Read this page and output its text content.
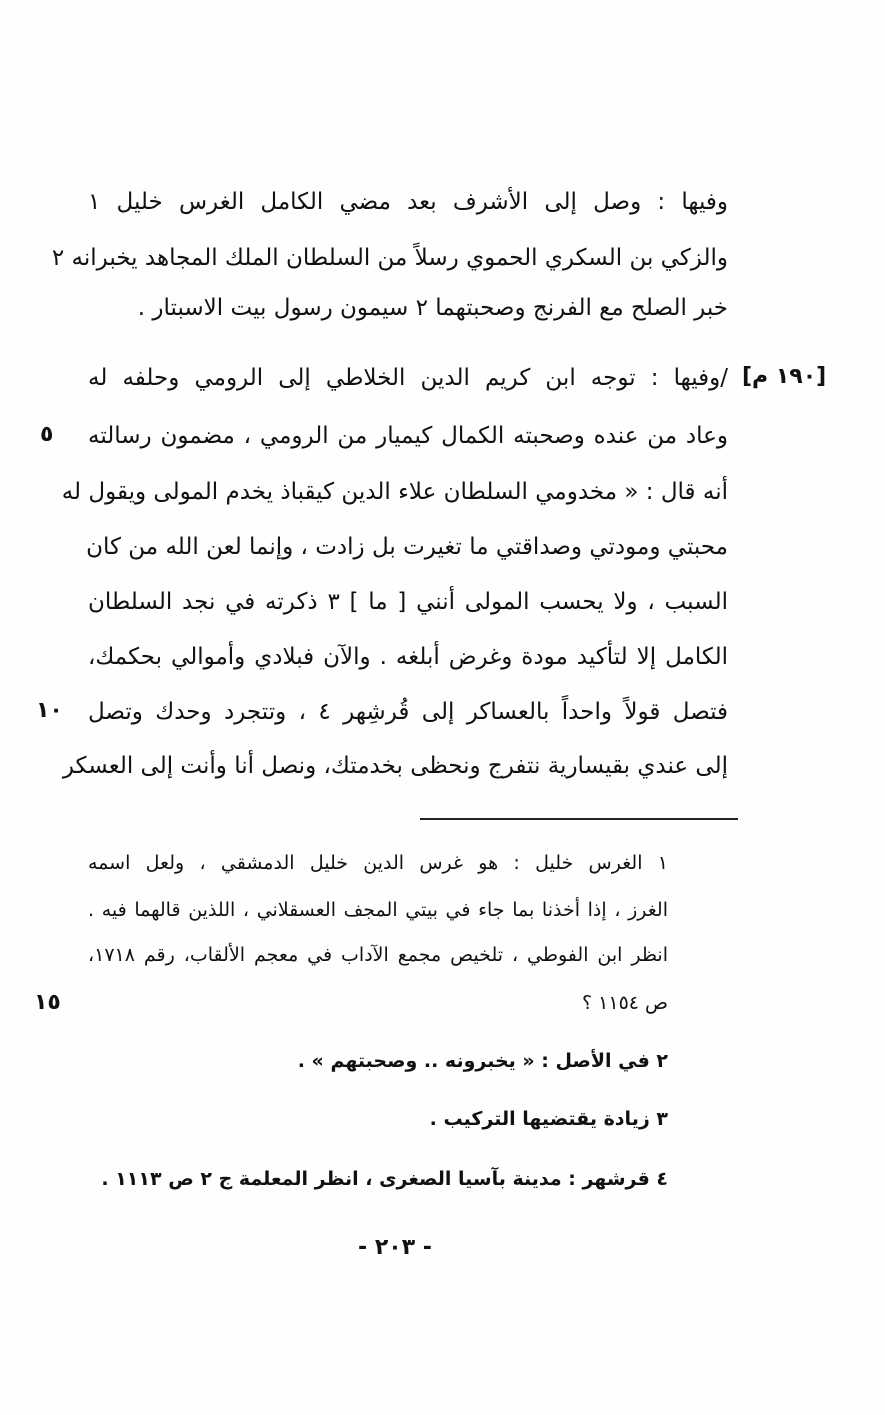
وفيها : وصل إلى الأشرف بعد مضي الكامل الغرس خليل ١
والزكي بن السكري الحموي رسلاً من السلطان الملك المجاهد يخبرانه ٢
خبر الصلح مع الفرنج وصحبتهما ٢ سيمون رسول بيت الاسبتار .
/وفيها : توجه ابن كريم الدين الخلاطي إلى الرومي وحلفه له
وعاد من عنده وصحبته الكمال كيميار من الرومي ، مضمون رسالته
أنه قال : « مخدومي السلطان علاء الدين كيقباذ يخدم المولى ويقول له
محبتي ومودتي وصداقتي ما تغيرت بل زادت ، وإنما لعن الله من كان
السبب ، ولا يحسب المولى أنني [ ما ] ٣ ذكرته في نجد السلطان
الكامل إلا لتأكيد مودة وغرض أبلغه . والآن فبلادي وأموالي بحكمك،
فتصل قولاً واحداً بالعساكر إلى قُرشِهر ٤ ، وتتجرد وحدك وتصل
إلى عندي بقيسارية نتفرج ونحظى بخدمتك، ونصل أنا وأنت إلى العسكر
[١٩٠ م]
٥
١٠
١٥
١ الغرس خليل : هو غرس الدين خليل الدمشقي ، ولعل اسمه
الغرز ، إذا أخذنا بما جاء في بيتي المجف العسقلاني ، اللذين قالهما فيه .
انظر ابن الفوطي ، تلخيص مجمع الآداب في معجم الألقاب، رقم ١٧١٨،
ص ١١٥٤ ؟
٢ في الأصل : « يخبرونه .. وصحبتهم » .
٣ زيادة يقتضيها التركيب .
٤ قرشهر : مدينة بآسيا الصغرى ، انظر المعلمة ج ٢ ص ١١١٣ .
- ٢٠٣ -
